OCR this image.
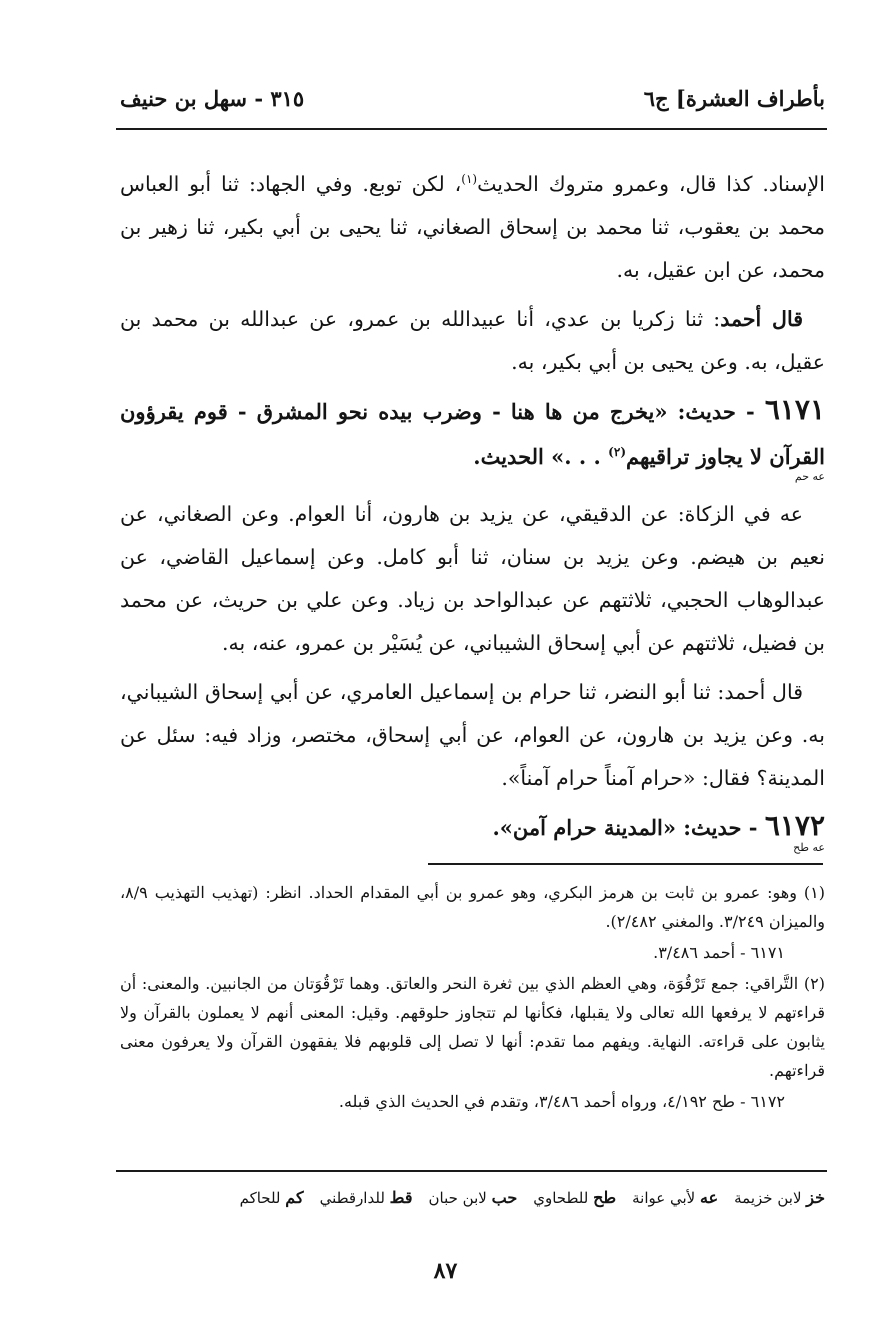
بأطراف العشرة] ج٦
٣١٥ - سهل بن حنيف

الإسناد. كذا قال، وعمرو متروك الحديث$^{(١)}$، لكن توبع. وفي الجهاد: ثنا أبو العباس محمد بن يعقوب، ثنا محمد بن إسحاق الصغاني، ثنا يحيى بن أبي بكير، ثنا زهير بن محمد، عن ابن عقيل، به.

قال أحمد: ثنا زكريا بن عدي، أنا عبيدالله بن عمرو، عن عبدالله بن محمد بن عقيل، به. وعن يحيى بن أبي بكير، به.

٦١٧١ - حديث: «يخرج من ها هنا - وضرب بيده نحو المشرق - قوم يقرؤون القرآن لا يجاوز تراقيهم$^{(٢)}$ . . .» الحديث.
عه حم

عه في الزكاة: عن الدقيقي، عن يزيد بن هارون، أنا العوام. وعن الصغاني، عن نعيم بن هيضم. وعن يزيد بن سنان، ثنا أبو كامل. وعن إسماعيل القاضي، عن عبدالوهاب الحجبي، ثلاثتهم عن عبدالواحد بن زياد. وعن علي بن حريث، عن محمد بن فضيل، ثلاثتهم عن أبي إسحاق الشيباني، عن يُسَيْر بن عمرو، عنه، به.

قال أحمد: ثنا أبو النضر، ثنا حرام بن إسماعيل العامري، عن أبي إسحاق الشيباني، به. وعن يزيد بن هارون، عن العوام، عن أبي إسحاق، مختصر، وزاد فيه: سئل عن المدينة؟ فقال: «حرام آمناً حرام آمناً».

٦١٧٢ - حديث: «المدينة حرام آمن».
عه طح

(١) وهو: عمرو بن ثابت بن هرمز البكري، وهو عمرو بن أبي المقدام الحداد. انظر: (تهذيب التهذيب ٨/٩، والميزان ٣/٢٤٩. والمغني ٢/٤٨٢).

٦١٧١ - أحمد ٣/٤٨٦.

(٢) التَّراقي: جمع تَرْقُوَة، وهي العظم الذي بين ثغرة النحر والعاتق. وهما تَرْقُوَتان من الجانبين. والمعنى: أن قراءتهم لا يرفعها الله تعالى ولا يقبلها، فكأنها لم تتجاوز حلوقهم. وقيل: المعنى أنهم لا يعملون بالقرآن ولا يثابون على قراءته. النهاية. ويفهم مما تقدم: أنها لا تصل إلى قلوبهم فلا يفقهون القرآن ولا يعرفون معنى قراءتهم.

٦١٧٢ - طح ٤/١٩٢، ورواه أحمد ٣/٤٨٦، وتقدم في الحديث الذي قبله.

خز لابن خزيمة
عه لأبي عوانة
طح للطحاوي
حب لابن حبان
قط للدارقطني
كم للحاكم
٨٧
